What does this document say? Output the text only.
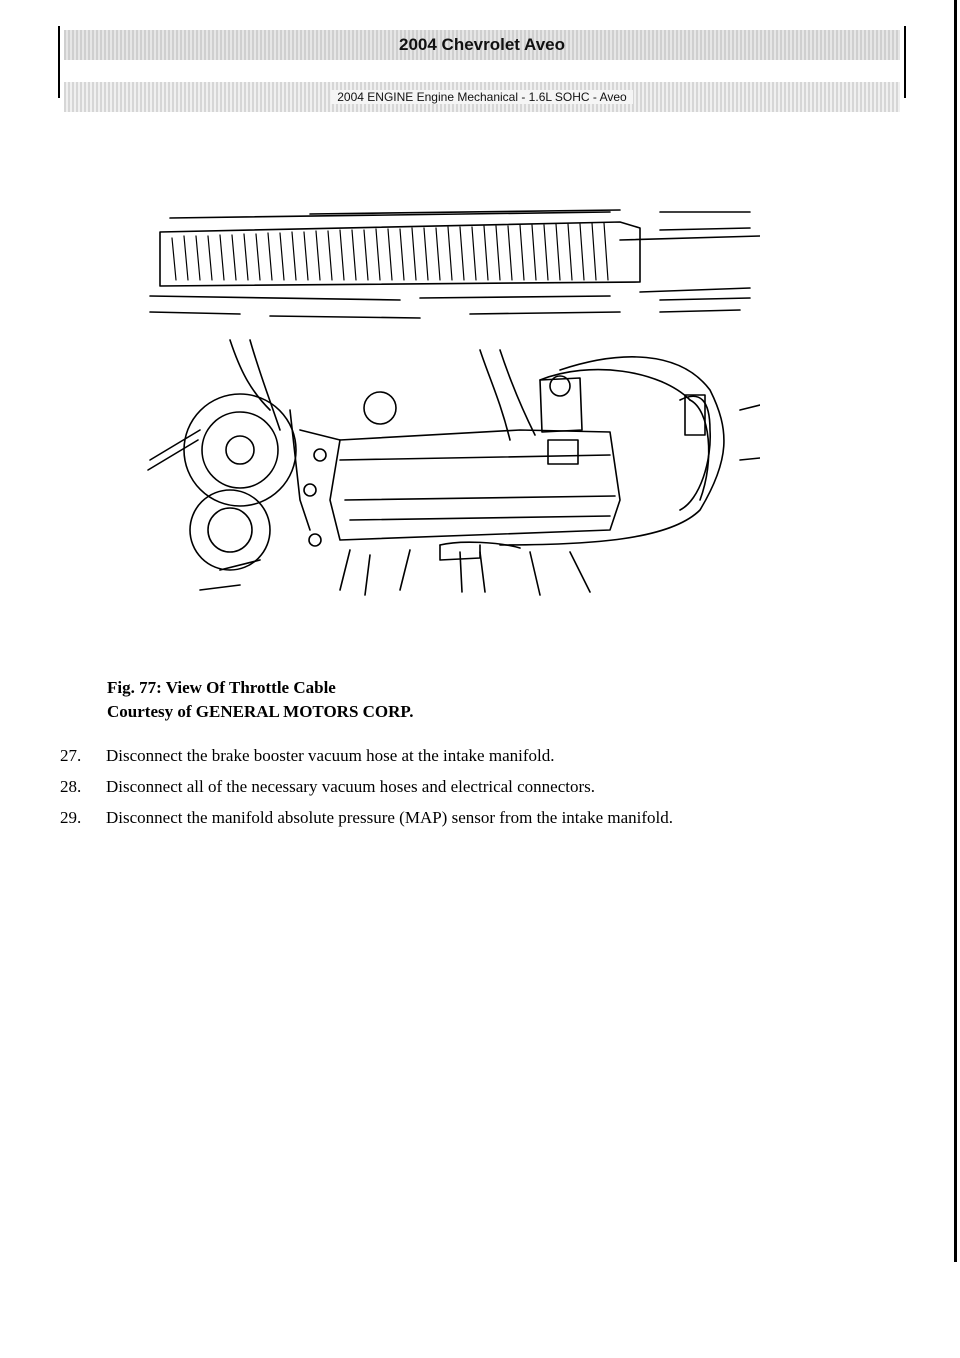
2004 Chevrolet Aveo
2004 ENGINE Engine Mechanical - 1.6L SOHC - Aveo
Fig. 77: View Of Throttle Cable
Courtesy of GENERAL MOTORS CORP.
27.	Disconnect the brake booster vacuum hose at the intake manifold.
28.	Disconnect all of the necessary vacuum hoses and electrical connectors.
29.	Disconnect the manifold absolute pressure (MAP) sensor from the intake manifold.
